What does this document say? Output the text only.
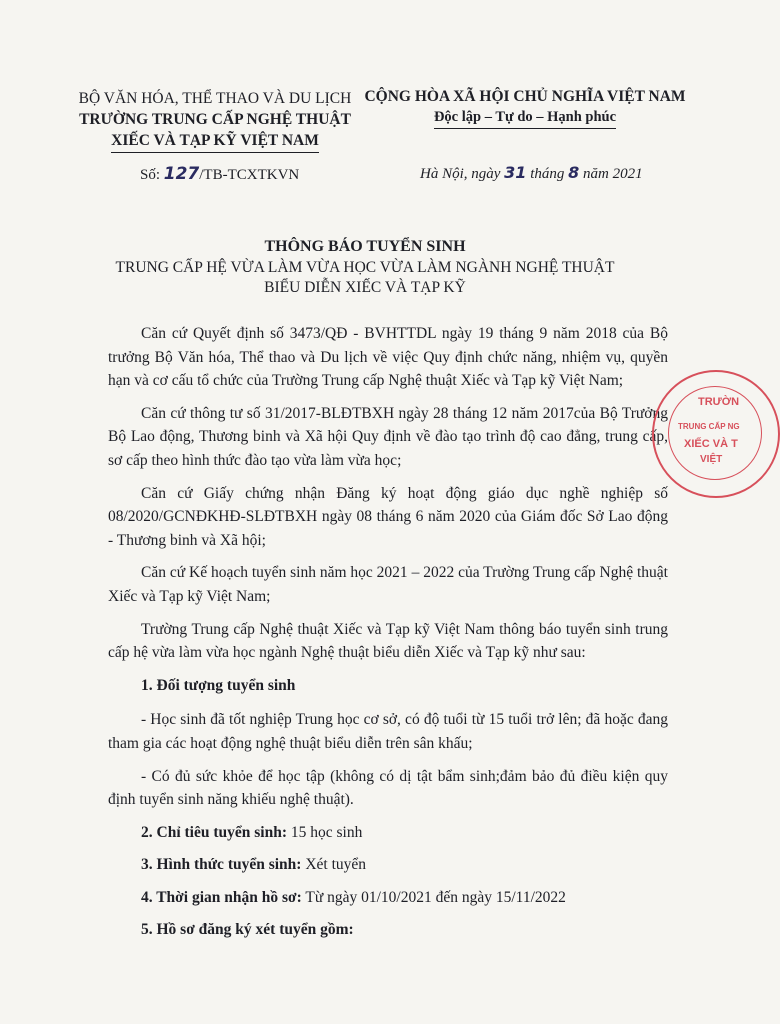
BỘ VĂN HÓA, THỂ THAO VÀ DU LỊCH
TRƯỜNG TRUNG CẤP NGHỆ THUẬT
XIẾC VÀ TẠP KỸ VIỆT NAM
CỘNG HÒA XÃ HỘI CHỦ NGHĨA VIỆT NAM
Độc lập – Tự do – Hạnh phúc
Số: 127/TB-TCXTKVN	Hà Nội, ngày 31 tháng 8 năm 2021
THÔNG BÁO TUYỂN SINH
TRUNG CẤP HỆ VỪA LÀM VỪA HỌC VỪA LÀM NGÀNH NGHỆ THUẬT
BIỂU DIỄN XIẾC VÀ TẠP KỸ

Căn cứ Quyết định số 3473/QĐ - BVHTTDL ngày 19 tháng 9 năm 2018 của Bộ trưởng Bộ Văn hóa, Thể thao và Du lịch về việc Quy định chức năng, nhiệm vụ, quyền hạn và cơ cấu tổ chức của Trường Trung cấp Nghệ thuật Xiếc và Tạp kỹ Việt Nam;

Căn cứ thông tư số 31/2017-BLĐTBXH ngày 28 tháng 12 năm 2017của Bộ Trưởng Bộ Lao động, Thương binh và Xã hội Quy định về đào tạo trình độ cao đẳng, trung cấp, sơ cấp theo hình thức đào tạo vừa làm vừa học;

Căn cứ Giấy chứng nhận Đăng ký hoạt động giáo dục nghề nghiệp số 08/2020/GCNĐKHĐ-SLĐTBXH ngày 08 tháng 6 năm 2020 của Giám đốc Sở Lao động - Thương binh và Xã hội;

Căn cứ Kế hoạch tuyển sinh năm học 2021 – 2022 của Trường Trung cấp Nghệ thuật Xiếc và Tạp kỹ Việt Nam;

Trường Trung cấp Nghệ thuật Xiếc và Tạp kỹ Việt Nam thông báo tuyển sinh trung cấp hệ vừa làm vừa học ngành Nghệ thuật biểu diễn Xiếc và Tạp kỹ như sau:

1. Đối tượng tuyển sinh

- Học sinh đã tốt nghiệp Trung học cơ sở, có độ tuổi từ 15 tuổi trở lên; đã hoặc đang tham gia các hoạt động nghệ thuật biểu diễn trên sân khấu;

- Có đủ sức khỏe để học tập (không có dị tật bẩm sinh;đảm bảo đủ điều kiện quy định tuyển sinh năng khiếu nghệ thuật).

2. Chỉ tiêu tuyển sinh: 15 học sinh

3. Hình thức tuyển sinh: Xét tuyển

4. Thời gian nhận hồ sơ: Từ ngày 01/10/2021 đến ngày 15/11/2022

5. Hồ sơ đăng ký xét tuyển gồm:

TRƯỜN
TRUNG CẤP NG
XIẾC VÀ T
VIỆT
